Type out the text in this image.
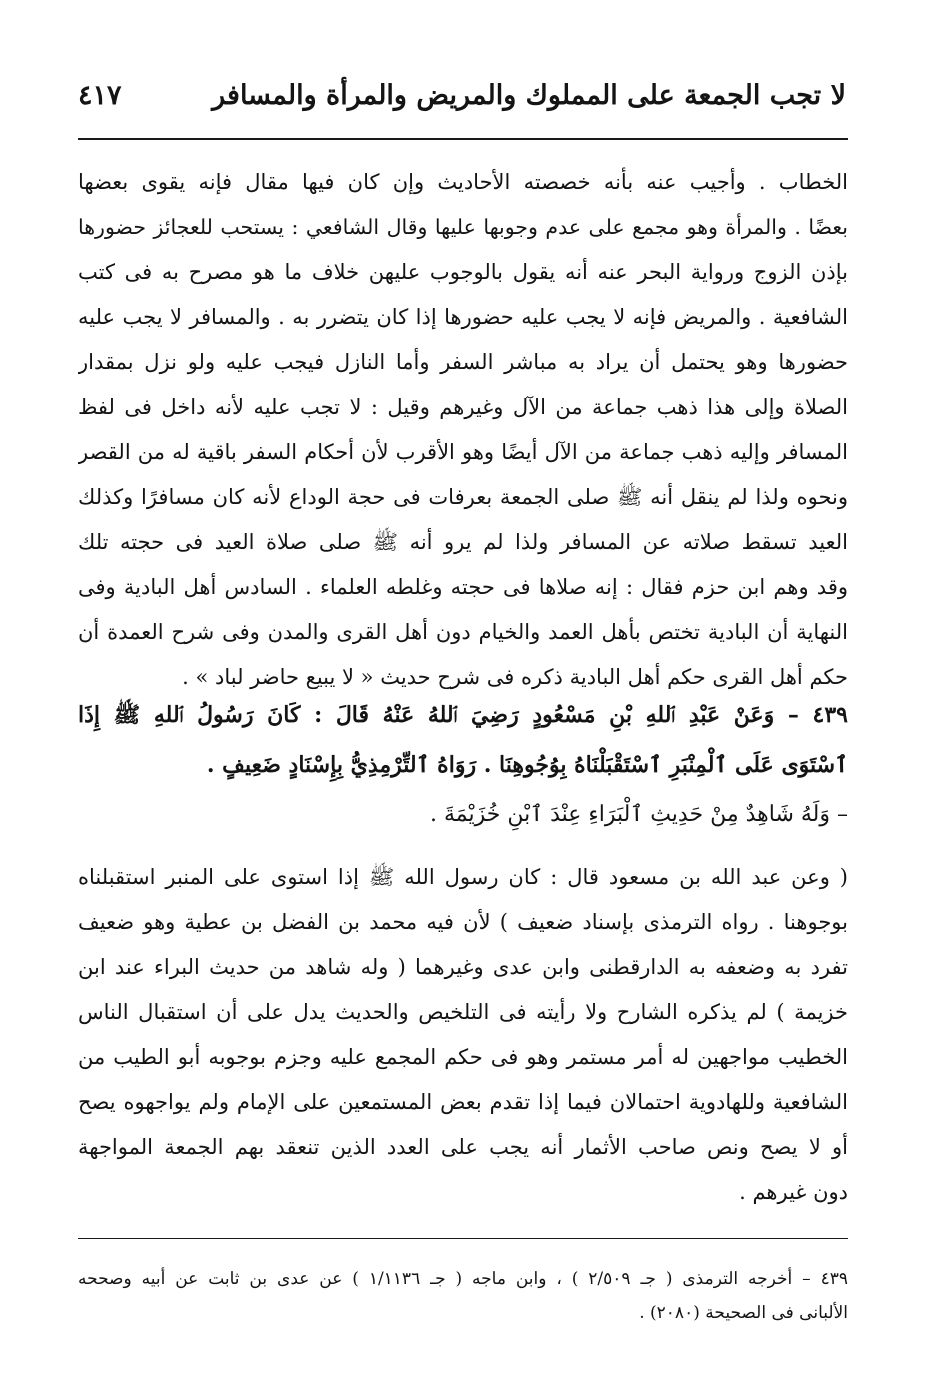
لا تجب الجمعة على المملوك والمريض والمرأة والمسافر
٤١٧
الخطاب . وأجيب عنه بأنه خصصته الأحاديث وإن كان فيها مقال فإنه يقوى بعضها
بعضًا . والمرأة وهو مجمع على عدم وجوبها عليها وقال الشافعي : يستحب للعجائز حضورها
بإذن الزوج ورواية البحر عنه أنه يقول بالوجوب عليهن خلاف ما هو مصرح به فى كتب
الشافعية . والمريض فإنه لا يجب عليه حضورها إذا كان يتضرر به . والمسافر لا يجب عليه
حضورها وهو يحتمل أن يراد به مباشر السفر وأما النازل فيجب عليه ولو نزل بمقدار
الصلاة وإلى هذا ذهب جماعة من الآل وغيرهم وقيل : لا تجب عليه لأنه داخل فى لفظ
المسافر وإليه ذهب جماعة من الآل أيضًا وهو الأقرب لأن أحكام السفر باقية له من القصر
ونحوه ولذا لم ينقل أنه ﷺ صلى الجمعة بعرفات فى حجة الوداع لأنه كان مسافرًا وكذلك
العيد تسقط صلاته عن المسافر ولذا لم يرو أنه ﷺ صلى صلاة العيد فى حجته تلك
وقد وهم ابن حزم فقال : إنه صلاها فى حجته وغلطه العلماء . السادس أهل البادية وفى
النهاية أن البادية تختص بأهل العمد والخيام دون أهل القرى والمدن وفى شرح العمدة أن
حكم أهل القرى حكم أهل البادية ذكره فى شرح حديث « لا يبيع حاضر لباد » .
٤٣٩ – وَعَنْ عَبْدِ ٱللهِ بْنِ مَسْعُودٍ رَضِيَ ٱللهُ عَنْهُ قَالَ : كَانَ رَسُولُ ٱللهِ ﷺ إِذَا
ٱسْتَوَى عَلَى ٱلْمِنْبَرِ ٱسْتَقْبَلْنَاهُ بِوُجُوهِنَا . رَوَاهُ ٱلتِّرْمِذِيُّ بِإِسْنَادٍ ضَعِيفٍ .
– وَلَهُ شَاهِدٌ مِنْ حَدِيثِ ٱلْبَرَاءِ عِنْدَ ٱبْنِ خُزَيْمَةَ .
( وعن عبد الله بن مسعود قال : كان رسول الله ﷺ إذا استوى على المنبر استقبلناه
بوجوهنا . رواه الترمذى بإسناد ضعيف ) لأن فيه محمد بن الفضل بن عطية وهو ضعيف
تفرد به وضعفه به الدارقطنى وابن عدى وغيرهما ( وله شاهد من حديث البراء عند ابن
خزيمة ) لم يذكره الشارح ولا رأيته فى التلخيص والحديث يدل على أن استقبال الناس
الخطيب مواجهين له أمر مستمر وهو فى حكم المجمع عليه وجزم بوجوبه أبو الطيب من
الشافعية وللهادوية احتمالان فيما إذا تقدم بعض المستمعين على الإمام ولم يواجهوه يصح
أو لا يصح ونص صاحب الأثمار أنه يجب على العدد الذين تنعقد بهم الجمعة المواجهة
دون غيرهم .
٤٣٩ – أخرجه الترمذى ( جـ ٢/٥٠٩ ) ، وابن ماجه ( جـ ١/١١٣٦ ) عن عدى بن ثابت عن أبيه وصححه
الألبانى فى الصحيحة (٢٠٨٠) .
